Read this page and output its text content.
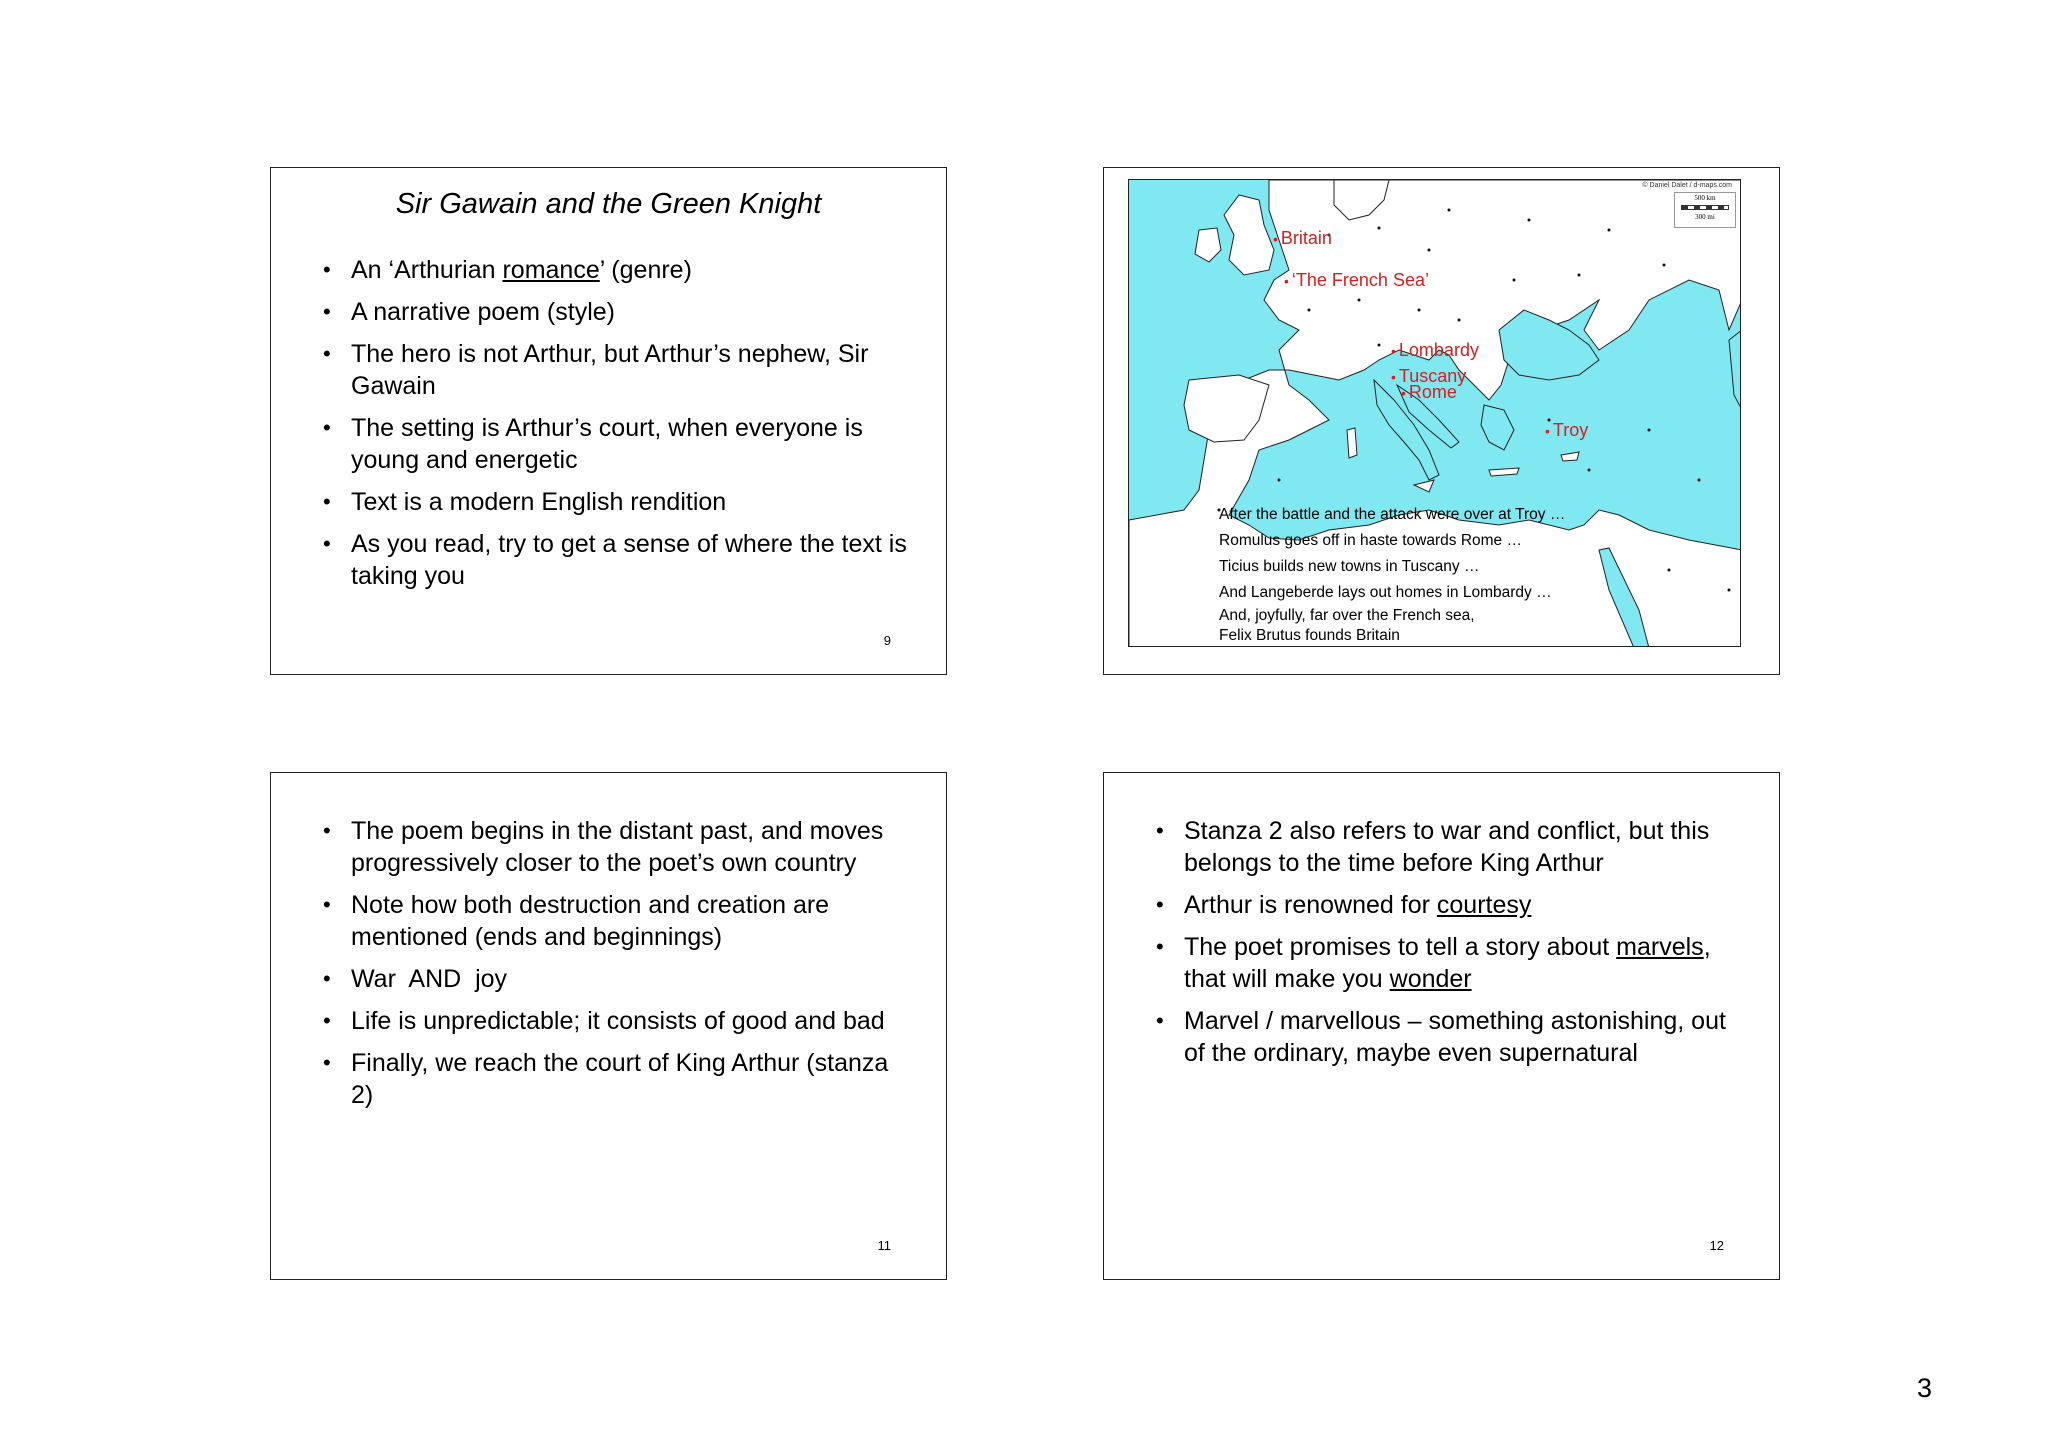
Sir Gawain and the Green Knight
• An ‘Arthurian romance’ (genre)
• A narrative poem (style)
• The hero is not Arthur, but Arthur’s nephew, Sir Gawain
• The setting is Arthur’s court, when everyone is young and energetic
• Text is a modern English rendition
• As you read, try to get a sense of where the text is taking you
9
© Daniel Dalet / d-maps.com
500 km
300 mi
• Britain
• ‘The French Sea’
• Lombardy
• Tuscany
• Rome
• Troy
After the battle and the attack were over at Troy …
Romulus goes off in haste towards Rome …
Ticius builds new towns in Tuscany …
And Langeberde lays out homes in Lombardy …
And, joyfully, far over the French sea,
Felix Brutus founds Britain
• The poem begins in the distant past, and moves progressively closer to the poet’s own country
• Note how both destruction and creation are mentioned (ends and beginnings)
• War  AND  joy
• Life is unpredictable; it consists of good and bad
• Finally, we reach the court of King Arthur (stanza 2)
11
• Stanza 2 also refers to war and conflict, but this belongs to the time before King Arthur
• Arthur is renowned for courtesy
• The poet promises to tell a story about marvels, that will make you wonder
• Marvel / marvellous – something astonishing, out of the ordinary, maybe even supernatural
12
3
